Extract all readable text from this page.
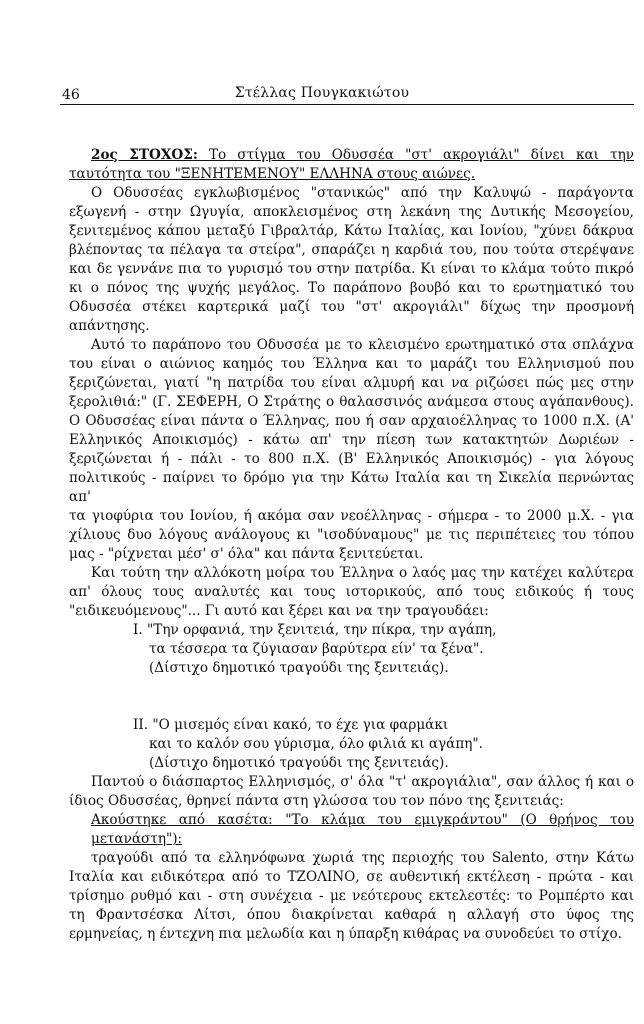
46	Στέλλας Πουγκακιώτου

2ος ΣΤΟΧΟΣ: Το στίγμα του Οδυσσέα "στ' ακρογιάλι" δίνει και την

ταυτότητα του "ΞΕΝΗΤΕΜΕΝΟΥ" ΕΛΛΗΝΑ στους αιώνες.

Ο Οδυσσέας εγκλωβισμένος "στανικώς" από την Καλυψώ - παράγοντα

εξωγενή - στην Ωγυγία, αποκλεισμένος στη λεκάνη της Δυτικής Μεσογείου,

ξενιτεμένος κάπου μεταξύ Γιβραλτάρ, Κάτω Ιταλίας, και Ιονίου, "χύνει δάκρυα

βλέποντας τα πέλαγα τα στείρα", σπαράζει η καρδιά του, που τούτα στερέψανε

και δε γεννάνε πια το γυρισμό του στην πατρίδα. Κι είναι το κλάμα τούτο πικρό

κι ο πόνος της ψυχής μεγάλος. Το παράπονο βουβό και το ερωτηματικό του

Οδυσσέα στέκει καρτερικά μαζί του "στ' ακρογιάλι" δίχως την προσμονή

απάντησης.

Αυτό το παράπονο του Οδυσσέα με το κλεισμένο ερωτηματικό στα σπλάχνα

του είναι ο αιώνιος καημός του Έλληνα και το μαράζι του Ελληνισμού που

ξεριζώνεται, γιατί "η πατρίδα του είναι αλμυρή και να ριζώσει πώς μες στην

ξερολιθιά:" (Γ. ΣΕΦΕΡΗ, Ο Στράτης ο θαλασσινός ανάμεσα στους αγάπανθους).

Ο Οδυσσέας είναι πάντα ο Έλληνας, που ή σαν αρχαιοέλληνας το 1000 π.Χ. (Α'

Ελληνικός Αποικισμός) - κάτω απ' την πίεση των κατακτητών Δωριέων -

ξεριζώνεται ή - πάλι - το 800 π.Χ. (Β' Ελληνικός Αποικισμός) - για λόγους

πολιτικούς - παίρνει το δρόμο για την Κάτω Ιταλία και τη Σικελία περνώντας απ'

τα γιοφύρια του Ιονίου, ή ακόμα σαν νεοέλληνας - σήμερα - το 2000 μ.Χ. - για

χίλιους δυο λόγους ανάλογους κι "ισοδύναμους" με τις περιπέτειες του τόπου

μας - "ρίχνεται μέσ' σ' όλα" και πάντα ξενιτεύεται.

Και τούτη την αλλόκοτη μοίρα του Έλληνα ο λαός μας την κατέχει καλύτερα

απ' όλους τους αναλυτές και τους ιστορικούς, από τους ειδικούς ή τους

"ειδικευόμενους"... Γι αυτό και ξέρει και να την τραγουδάει:

Ι. "Την ορφανιά, την ξενιτειά, την πίκρα, την αγάπη,

τα τέσσερα τα ζύγιασαν βαρύτερα είν' τα ξένα".

(Δίστιχο δημοτικό τραγούδι της ξενιτειάς).

ΙΙ. "Ο μισεμός είναι κακό, το έχε για φαρμάκι

και το καλόν σου γύρισμα, όλο φιλιά κι αγάπη".

(Δίστιχο δημοτικό τραγούδι της ξενιτειάς).

Παντού ο διάσπαρτος Ελληνισμός, σ' όλα "τ' ακρογιάλια", σαν άλλος ή και ο

ίδιος Οδυσσέας, θρηνεί πάντα στη γλώσσα του τον πόνο της ξενιτειάς:

Ακούστηκε από κασέτα: "Το κλάμα του εμιγκράντου" (Ο θρήνος του

μετανάστη"):

τραγούδι από τα ελληνόφωνα χωριά της περιοχής του Salento, στην Κάτω

Ιταλία και ειδικότερα από το ΤΖΟΛΙΝΟ, σε αυθεντική εκτέλεση - πρώτα - και

τρίσημο ρυθμό και - στη συνέχεια - με νεότερους εκτελεστές: το Ρομπέρτο και

τη Φραντσέσκα Λίτσι, όπου διακρίνεται καθαρά η αλλαγή στο ύφος της

ερμηνείας, η έντεχνη πια μελωδία και η ύπαρξη κιθάρας να συνοδεύει το στίχο.
